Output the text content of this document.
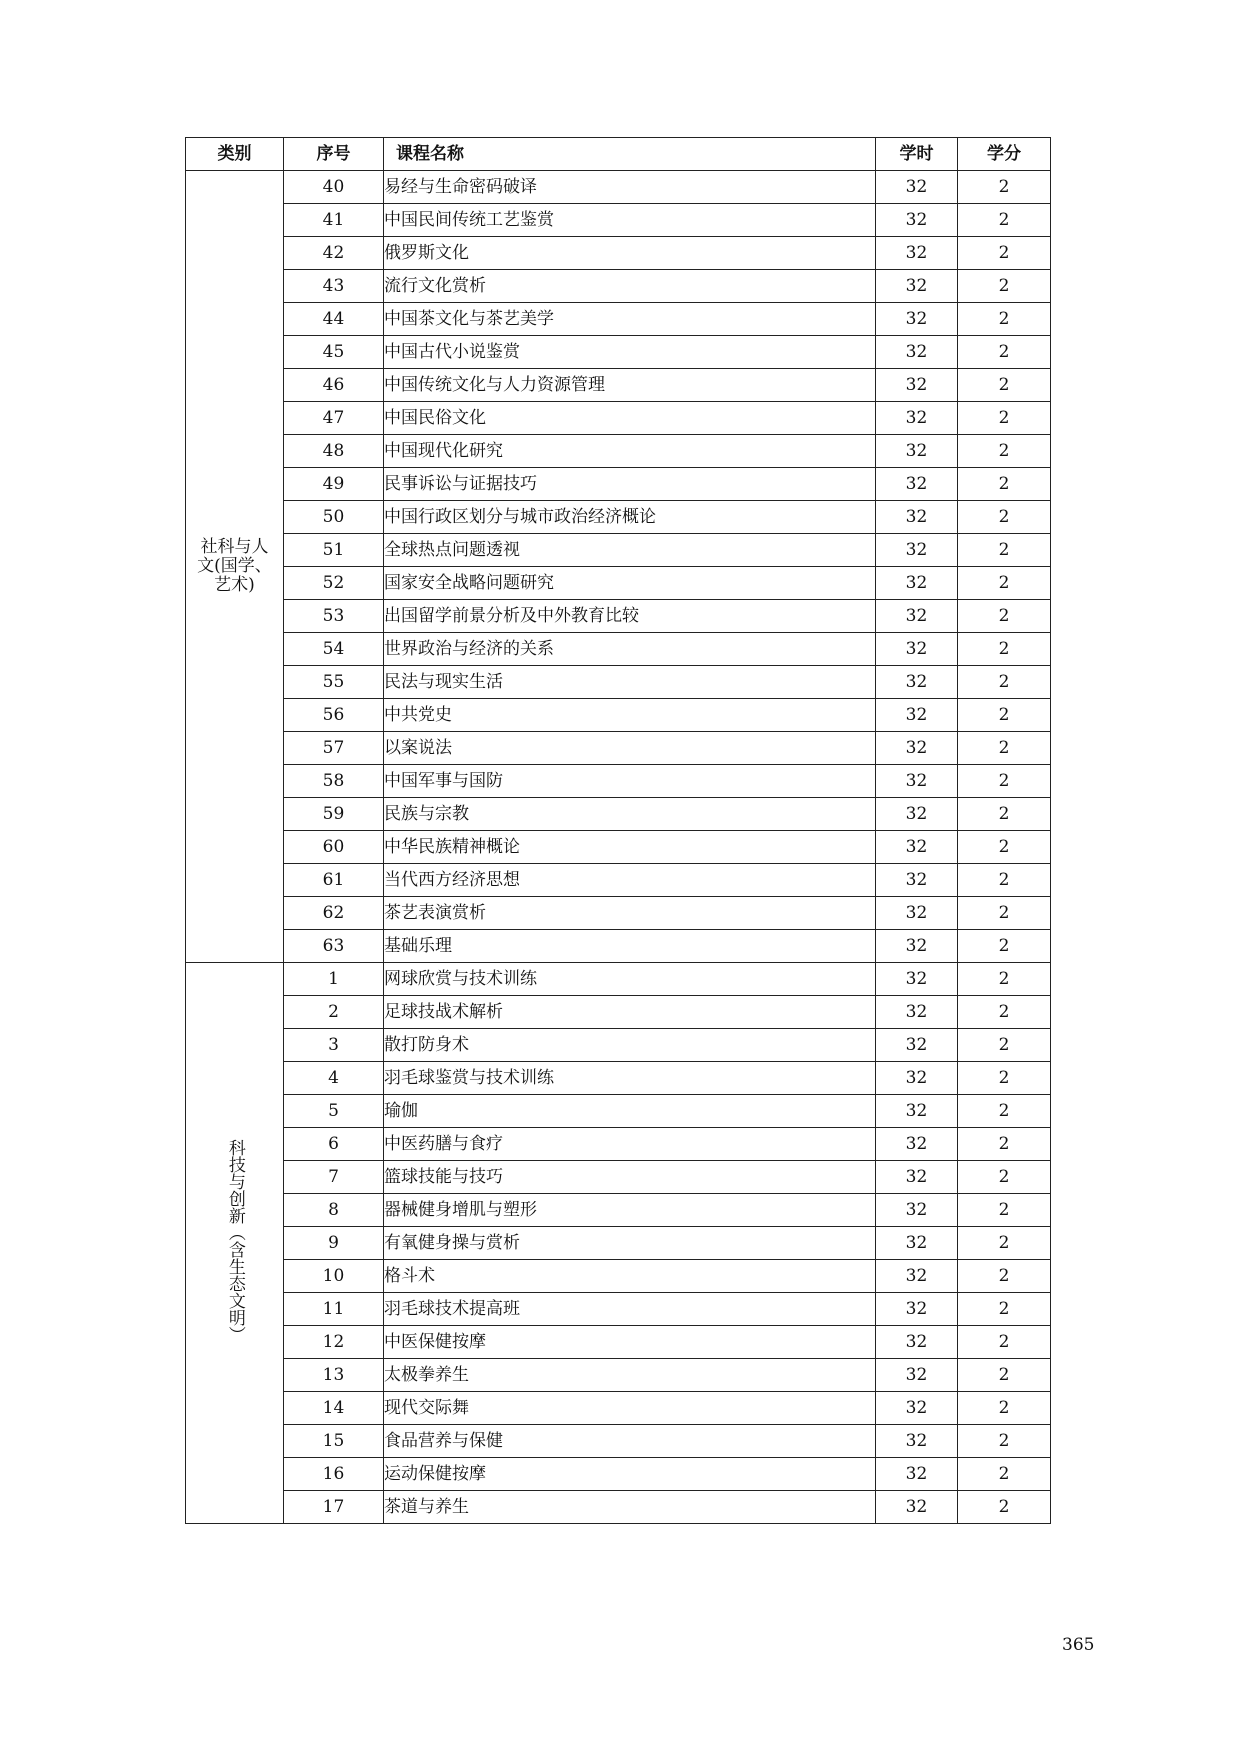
类别	序号	课程名称	学时	学分
社科与人文(国学、艺术)	40	易经与生命密码破译	32	2
	41	中国民间传统工艺鉴赏	32	2
	42	俄罗斯文化	32	2
	43	流行文化赏析	32	2
	44	中国茶文化与茶艺美学	32	2
	45	中国古代小说鉴赏	32	2
	46	中国传统文化与人力资源管理	32	2
	47	中国民俗文化	32	2
	48	中国现代化研究	32	2
	49	民事诉讼与证据技巧	32	2
	50	中国行政区划分与城市政治经济概论	32	2
	51	全球热点问题透视	32	2
	52	国家安全战略问题研究	32	2
	53	出国留学前景分析及中外教育比较	32	2
	54	世界政治与经济的关系	32	2
	55	民法与现实生活	32	2
	56	中共党史	32	2
	57	以案说法	32	2
	58	中国军事与国防	32	2
	59	民族与宗教	32	2
	60	中华民族精神概论	32	2
	61	当代西方经济思想	32	2
	62	茶艺表演赏析	32	2
	63	基础乐理	32	2
科技与创新（含生态文明）	1	网球欣赏与技术训练	32	2
	2	足球技战术解析	32	2
	3	散打防身术	32	2
	4	羽毛球鉴赏与技术训练	32	2
	5	瑜伽	32	2
	6	中医药膳与食疗	32	2
	7	篮球技能与技巧	32	2
	8	器械健身增肌与塑形	32	2
	9	有氧健身操与赏析	32	2
	10	格斗术	32	2
	11	羽毛球技术提高班	32	2
	12	中医保健按摩	32	2
	13	太极拳养生	32	2
	14	现代交际舞	32	2
	15	食品营养与保健	32	2
	16	运动保健按摩	32	2
	17	茶道与养生	32	2
365
